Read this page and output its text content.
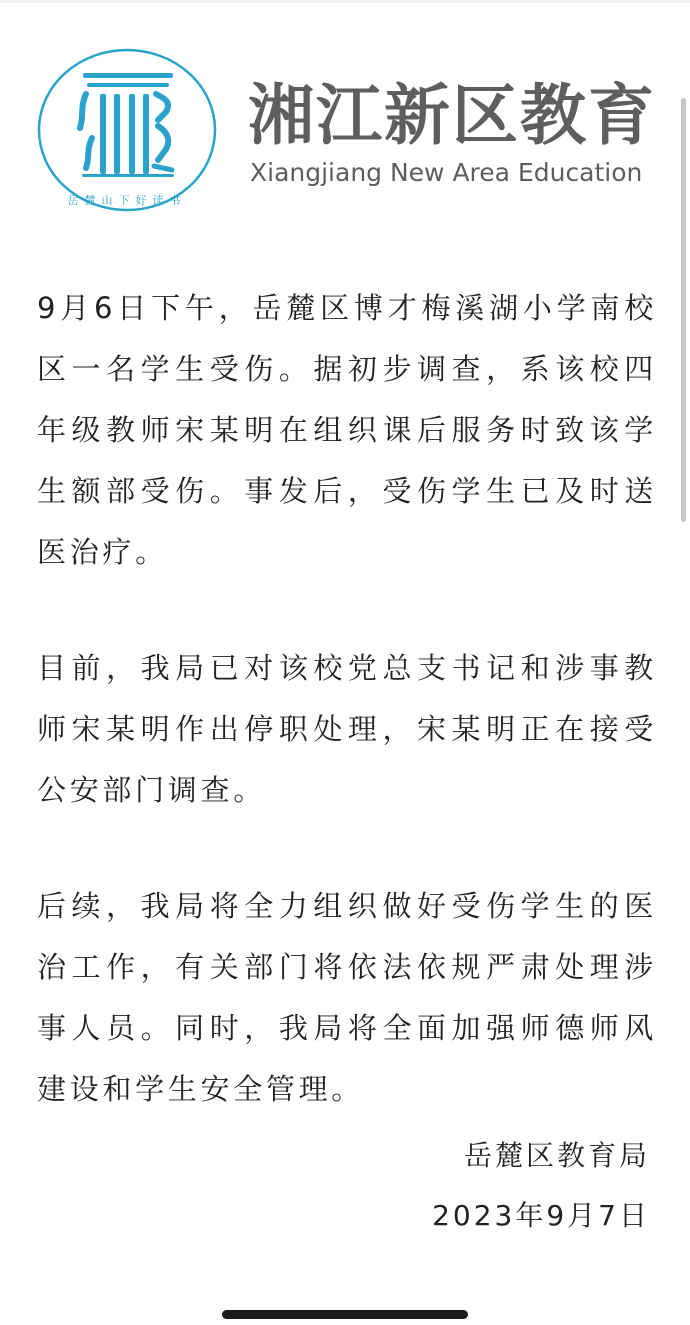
岳麓山下好读书
湘江新区教育
Xiangjiang New Area Education

9月6日下午，岳麓区博才梅溪湖小学南校区一名学生受伤。据初步调查，系该校四年级教师宋某明在组织课后服务时致该学生额部受伤。事发后，受伤学生已及时送医治疗。

目前，我局已对该校党总支书记和涉事教师宋某明作出停职处理，宋某明正在接受公安部门调查。

后续，我局将全力组织做好受伤学生的医治工作，有关部门将依法依规严肃处理涉事人员。同时，我局将全面加强师德师风建设和学生安全管理。

岳麓区教育局
2023年9月7日
